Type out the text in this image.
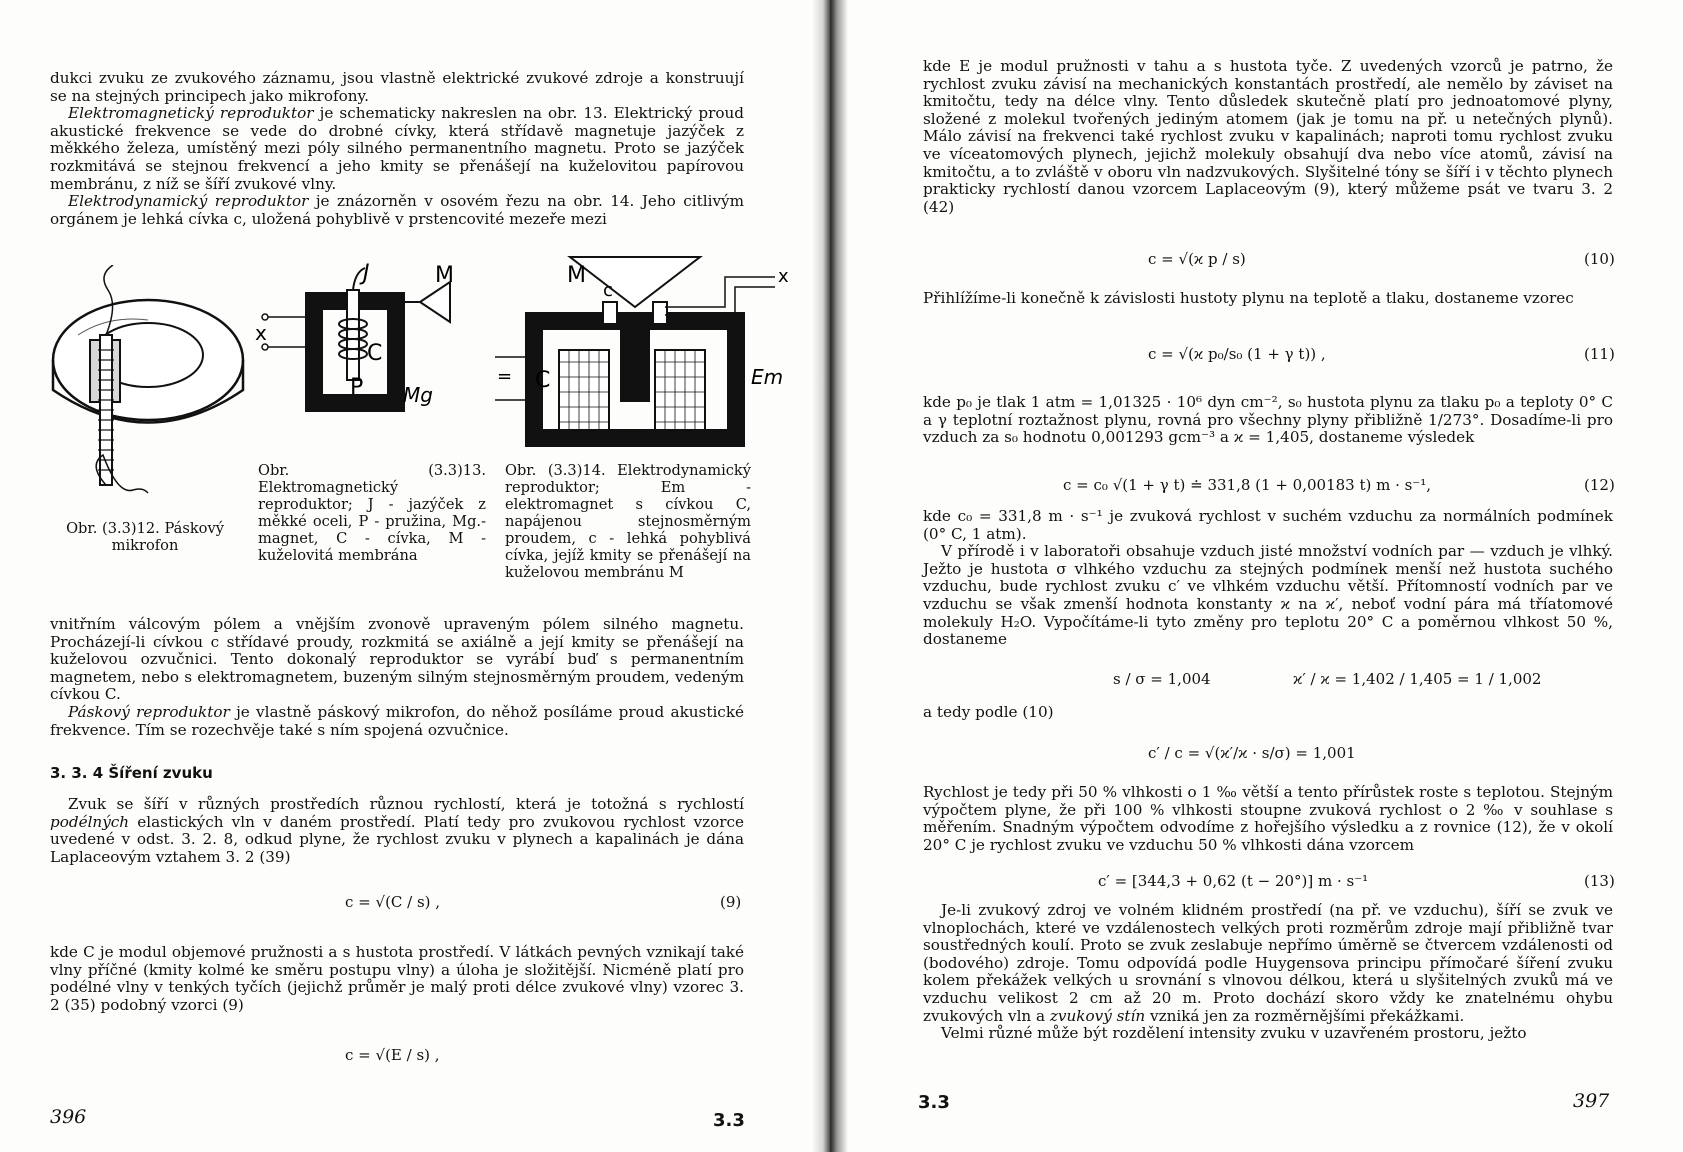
dukci zvuku ze zvukového záznamu, jsou vlastně elektrické zvukové zdroje a konstruují se na stejných principech jako mikrofony.

Elektromagnetický reproduktor je schematicky nakreslen na obr. 13. Elektrický proud akustické frekvence se vede do drobné cívky, která střídavě magnetuje jazýček z měkkého železa, umístěný mezi póly silného permanentního magnetu. Proto se jazýček rozkmitává se stejnou frekvencí a jeho kmity se přenášejí na kuželovitou papírovou membránu, z níž se šíří zvukové vlny.

Elektrodynamický reproduktor je znázorněn v osovém řezu na obr. 14. Jeho citlivým orgánem je lehká cívka c, uložená pohyblivě v prstencovité mezeře mezi

Obr. (3.3)12. Páskový mikrofon
J	M
x
C
P Mg
Obr. (3.3)13. Elektromagnetický reproduktor; J - jazýček z měkké oceli, P - pružina, Mg.- magnet, C - cívka, M - kuželovitá membrána
M
c
x
C	Em
=
Obr. (3.3)14. Elektrodynamický reproduktor; Em - elektromagnet s cívkou C, napájenou stejnosměrným proudem, c - lehká pohyblivá cívka, jejíž kmity se přenášejí na kuželovou membránu M

vnitřním válcovým pólem a vnějším zvonově upraveným pólem silného magnetu. Procházejí-li cívkou c střídavé proudy, rozkmitá se axiálně a její kmity se přenášejí na kuželovou ozvučnici. Tento dokonalý reproduktor se vyrábí buď s permanentním magnetem, nebo s elektromagnetem, buzeným silným stejnosměrným proudem, vedeným cívkou C.

Páskový reproduktor je vlastně páskový mikrofon, do něhož posíláme proud akustické frekvence. Tím se rozechvěje také s ním spojená ozvučnice.

3. 3. 4 Šíření zvuku

Zvuk se šíří v různých prostředích různou rychlostí, která je totožná s rychlostí podélných elastických vln v daném prostředí. Platí tedy pro zvukovou rychlost vzorce uvedené v odst. 3. 2. 8, odkud plyne, že rychlost zvuku v plynech a kapalinách je dána Laplaceovým vztahem 3. 2 (39)

c = √(C / s) ,	(9)

kde C je modul objemové pružnosti a s hustota prostředí. V látkách pevných vznikají také vlny příčné (kmity kolmé ke směru postupu vlny) a úloha je složitější. Nicméně platí pro podélné vlny v tenkých tyčích (jejichž průměr je malý proti délce zvukové vlny) vzorec 3. 2 (35) podobný vzorci (9)

c = √(E / s) ,
396	3.3

kde E je modul pružnosti v tahu a s hustota tyče. Z uvedených vzorců je patrno, že rychlost zvuku závisí na mechanických konstantách prostředí, ale nemělo by záviset na kmitočtu, tedy na délce vlny. Tento důsledek skutečně platí pro jednoatomové plyny, složené z molekul tvořených jediným atomem (jak je tomu na př. u netečných plynů). Málo závisí na frekvenci také rychlost zvuku v kapalinách; naproti tomu rychlost zvuku ve víceatomových plynech, jejichž molekuly obsahují dva nebo více atomů, závisí na kmitočtu, a to zvláště v oboru vln nadzvukových. Slyšitelné tóny se šíří i v těchto plynech prakticky rychlostí danou vzorcem Laplaceovým (9), který můžeme psát ve tvaru 3. 2 (42)

c = √(ϰ p / s)	(10)

Přihlížíme-li konečně k závislosti hustoty plynu na teplotě a tlaku, dostaneme vzorec

c = √(ϰ p₀/s₀ (1 + γ t)) ,	(11)

kde p₀ je tlak 1 atm = 1,01325 · 10⁶ dyn cm⁻², s₀ hustota plynu za tlaku p₀ a teploty 0° C a γ teplotní roztažnost plynu, rovná pro všechny plyny přibližně 1/273°. Dosadíme-li pro vzduch za s₀ hodnotu 0,001293 gcm⁻³ a ϰ = 1,405, dostaneme výsledek

c = c₀ √(1 + γ t) ≐ 331,8 (1 + 0,00183 t) m · s⁻¹,	(12)

kde c₀ = 331,8 m · s⁻¹ je zvuková rychlost v suchém vzduchu za normálních podmínek (0° C, 1 atm).

V přírodě i v laboratoři obsahuje vzduch jisté množství vodních par — vzduch je vlhký. Ježto je hustota σ vlhkého vzduchu za stejných podmínek menší než hustota suchého vzduchu, bude rychlost zvuku c′ ve vlhkém vzduchu větší. Přítomností vodních par ve vzduchu se však zmenší hodnota konstanty ϰ na ϰ′, neboť vodní pára má tříatomové molekuly H₂O. Vypočítáme-li tyto změny pro teplotu 20° C a poměrnou vlhkost 50 %, dostaneme

s / σ = 1,004	ϰ′ / ϰ = 1,402 / 1,405 = 1 / 1,002

a tedy podle (10)

c′ / c = √(ϰ′/ϰ · s/σ) = 1,001

Rychlost je tedy při 50 % vlhkosti o 1 ‰ větší a tento přírůstek roste s teplotou. Stejným výpočtem plyne, že při 100 % vlhkosti stoupne zvuková rychlost o 2 ‰ v souhlase s měřením. Snadným výpočtem odvodíme z hořejšího výsledku a z rovnice (12), že v okolí 20° C je rychlost zvuku ve vzduchu 50 % vlhkosti dána vzorcem

c′ = [344,3 + 0,62 (t − 20°)] m · s⁻¹	(13)

Je-li zvukový zdroj ve volném klidném prostředí (na př. ve vzduchu), šíří se zvuk ve vlnoplochách, které ve vzdálenostech velkých proti rozměrům zdroje mají přibližně tvar soustředných koulí. Proto se zvuk zeslabuje nepřímo úměrně se čtvercem vzdálenosti od (bodového) zdroje. Tomu odpovídá podle Huygensova principu přímočaré šíření zvuku kolem překážek velkých u srovnání s vlnovou délkou, která u slyšitelných zvuků má ve vzduchu velikost 2 cm až 20 m. Proto dochází skoro vždy ke znatelnému ohybu zvukových vln a zvukový stín vzniká jen za rozměrnějšími překážkami.

Velmi různé může být rozdělení intensity zvuku v uzavřeném prostoru, ježto

3.3	397
